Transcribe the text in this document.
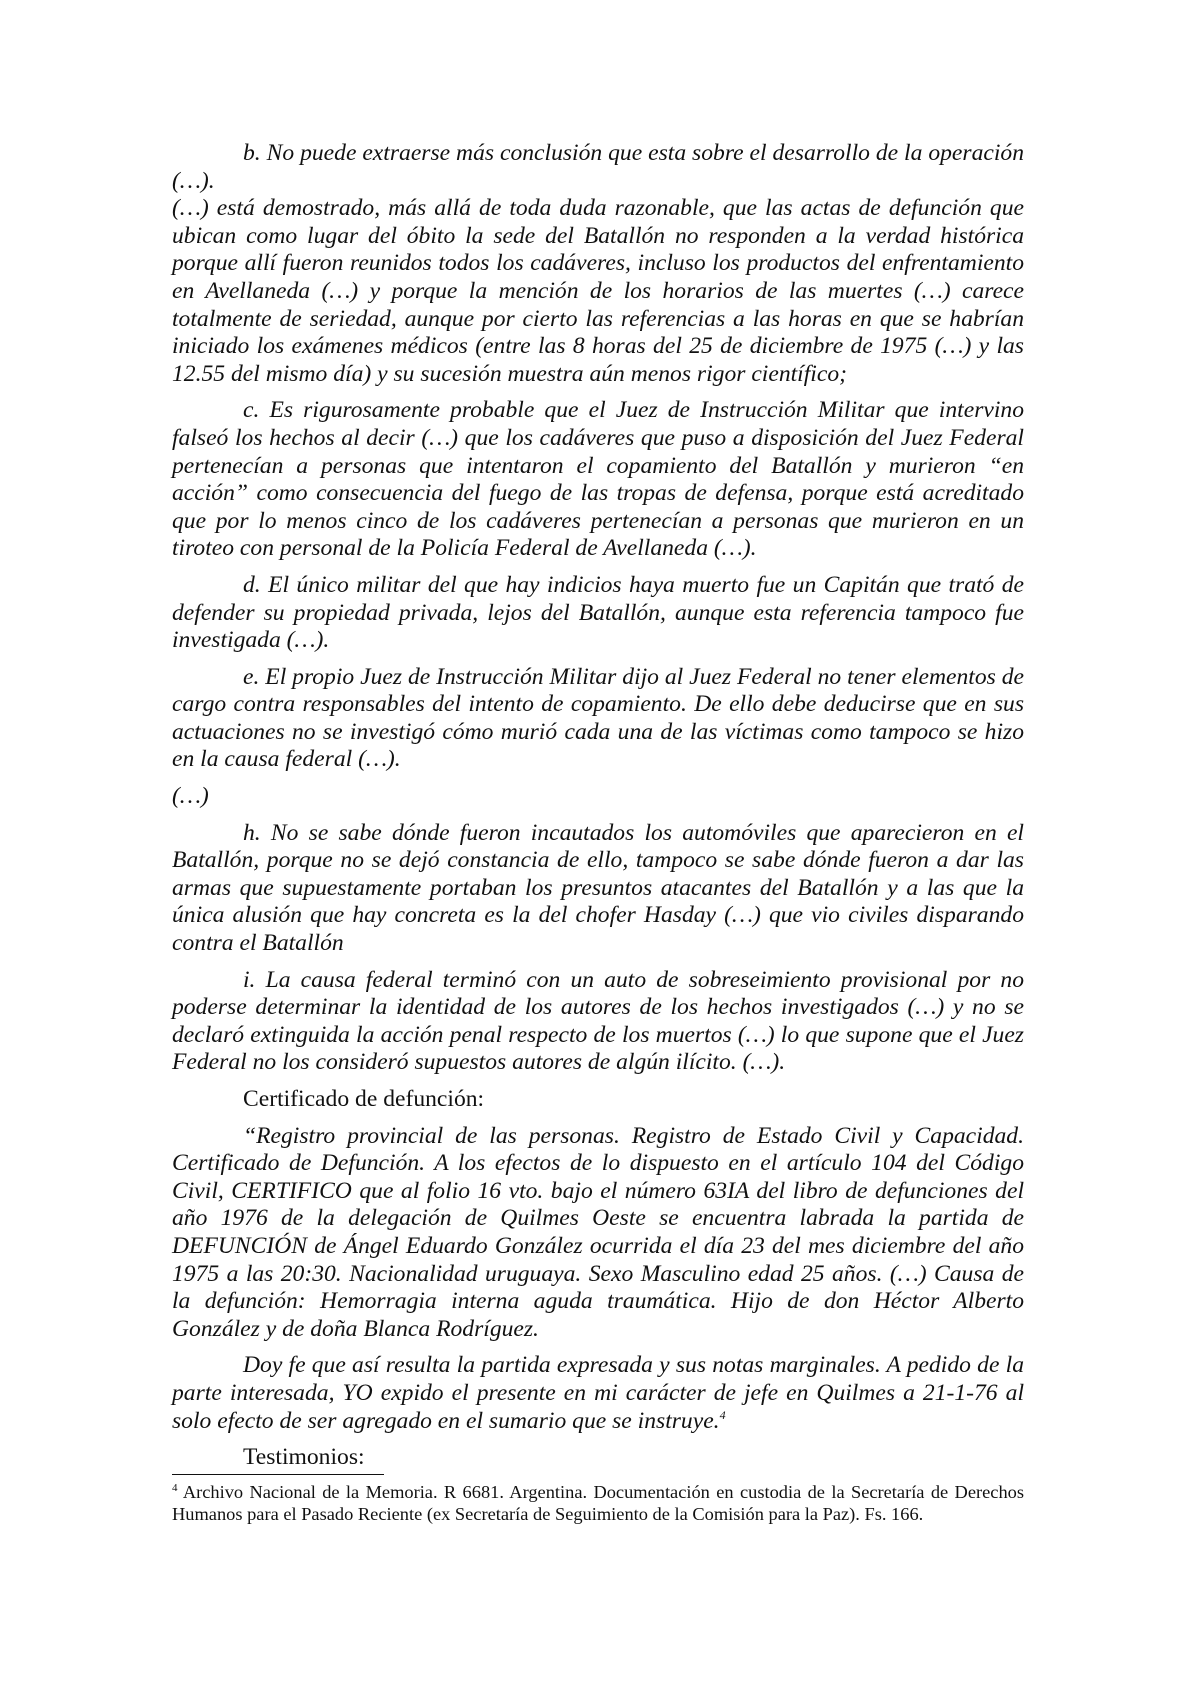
b. No puede extraerse más conclusión que esta sobre el desarrollo de la operación (…).

(…) está demostrado, más allá de toda duda razonable, que las actas de defunción que ubican como lugar del óbito la sede del Batallón no responden a la verdad histórica porque allí fueron reunidos todos los cadáveres, incluso los productos del enfrentamiento en Avellaneda (…) y porque la mención de los horarios de las muertes (…) carece totalmente de seriedad, aunque por cierto las referencias a las horas en que se habrían iniciado los exámenes médicos (entre las 8 horas del 25 de diciembre de 1975 (…) y las 12.55 del mismo día) y su sucesión muestra aún menos rigor científico;

c. Es rigurosamente probable que el Juez de Instrucción Militar que intervino falseó los hechos al decir (…) que los cadáveres que puso a disposición del Juez Federal pertenecían a personas que intentaron el copamiento del Batallón y murieron “en acción” como consecuencia del fuego de las tropas de defensa, porque está acreditado que por lo menos cinco de los cadáveres pertenecían a personas que murieron en un tiroteo con personal de la Policía Federal de Avellaneda (…).

d. El único militar del que hay indicios haya muerto fue un Capitán que trató de defender su propiedad privada, lejos del Batallón, aunque esta referencia tampoco fue investigada (…).

e. El propio Juez de Instrucción Militar dijo al Juez Federal no tener elementos de cargo contra responsables del intento de copamiento. De ello debe deducirse que en sus actuaciones no se investigó cómo murió cada una de las víctimas como tampoco se hizo en la causa federal (…).

(…)

h. No se sabe dónde fueron incautados los automóviles que aparecieron en el Batallón, porque no se dejó constancia de ello, tampoco se sabe dónde fueron a dar las armas que supuestamente portaban los presuntos atacantes del Batallón y a las que la única alusión que hay concreta es la del chofer Hasday (…) que vio civiles disparando contra el Batallón

i. La causa federal terminó con un auto de sobreseimiento provisional por no poderse determinar la identidad de los autores de los hechos investigados (…) y no se declaró extinguida la acción penal respecto de los muertos (…) lo que supone que el Juez Federal no los consideró supuestos autores de algún ilícito. (…).

Certificado de defunción:

“Registro provincial de las personas. Registro de Estado Civil y Capacidad. Certificado de Defunción. A los efectos de lo dispuesto en el artículo 104 del Código Civil, CERTIFICO que al folio 16 vto. bajo el número 63IA del libro de defunciones del año 1976 de la delegación de Quilmes Oeste se encuentra labrada la partida de DEFUNCIÓN de Ángel Eduardo González ocurrida el día 23 del mes diciembre del año 1975 a las 20:30. Nacionalidad uruguaya. Sexo Masculino edad 25 años. (…) Causa de la defunción: Hemorragia interna aguda traumática. Hijo de don Héctor Alberto González y de doña Blanca Rodríguez.

Doy fe que así resulta la partida expresada y sus notas marginales. A pedido de la parte interesada, YO expido el presente en mi carácter de jefe en Quilmes a 21-1-76 al solo efecto de ser agregado en el sumario que se instruye.$^4$

Testimonios:

$^4$ Archivo Nacional de la Memoria. R 6681. Argentina. Documentación en custodia de la Secretaría de Derechos Humanos para el Pasado Reciente (ex Secretaría de Seguimiento de la Comisión para la Paz). Fs. 166.
